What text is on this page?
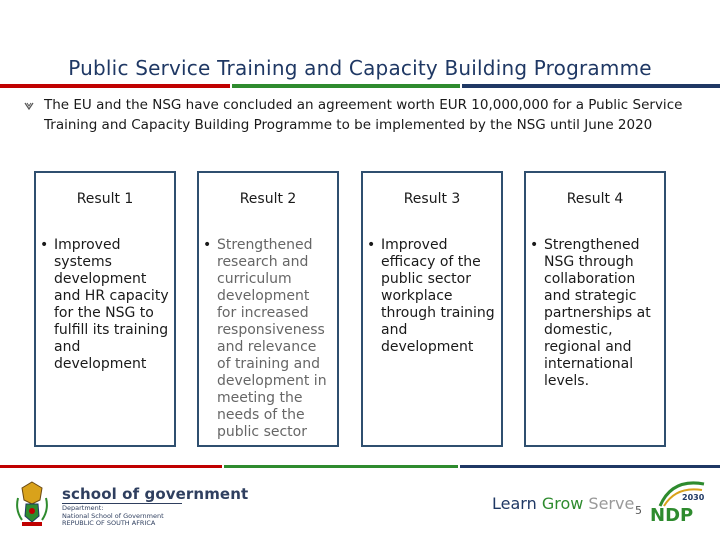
Public Service Training and Capacity Building Programme
The EU and the NSG have concluded an agreement worth EUR 10,000,000 for a Public Service Training and Capacity Building Programme to be implemented by the NSG until June 2020
Result 1
• Improved systems development and HR capacity for the NSG to fulfill its training and development
Result 2
• Strengthened research and curriculum development for increased responsiveness and relevance of training and development in meeting the needs of the public sector
Result 3
• Improved efficacy of the public sector workplace through training and development
Result 4
• Strengthened NSG through collaboration and strategic partnerships at domestic, regional and international levels.
school of government
Department:
National School of Government
REPUBLIC OF SOUTH AFRICA
Learn Grow Serve 5
2030
NDP
